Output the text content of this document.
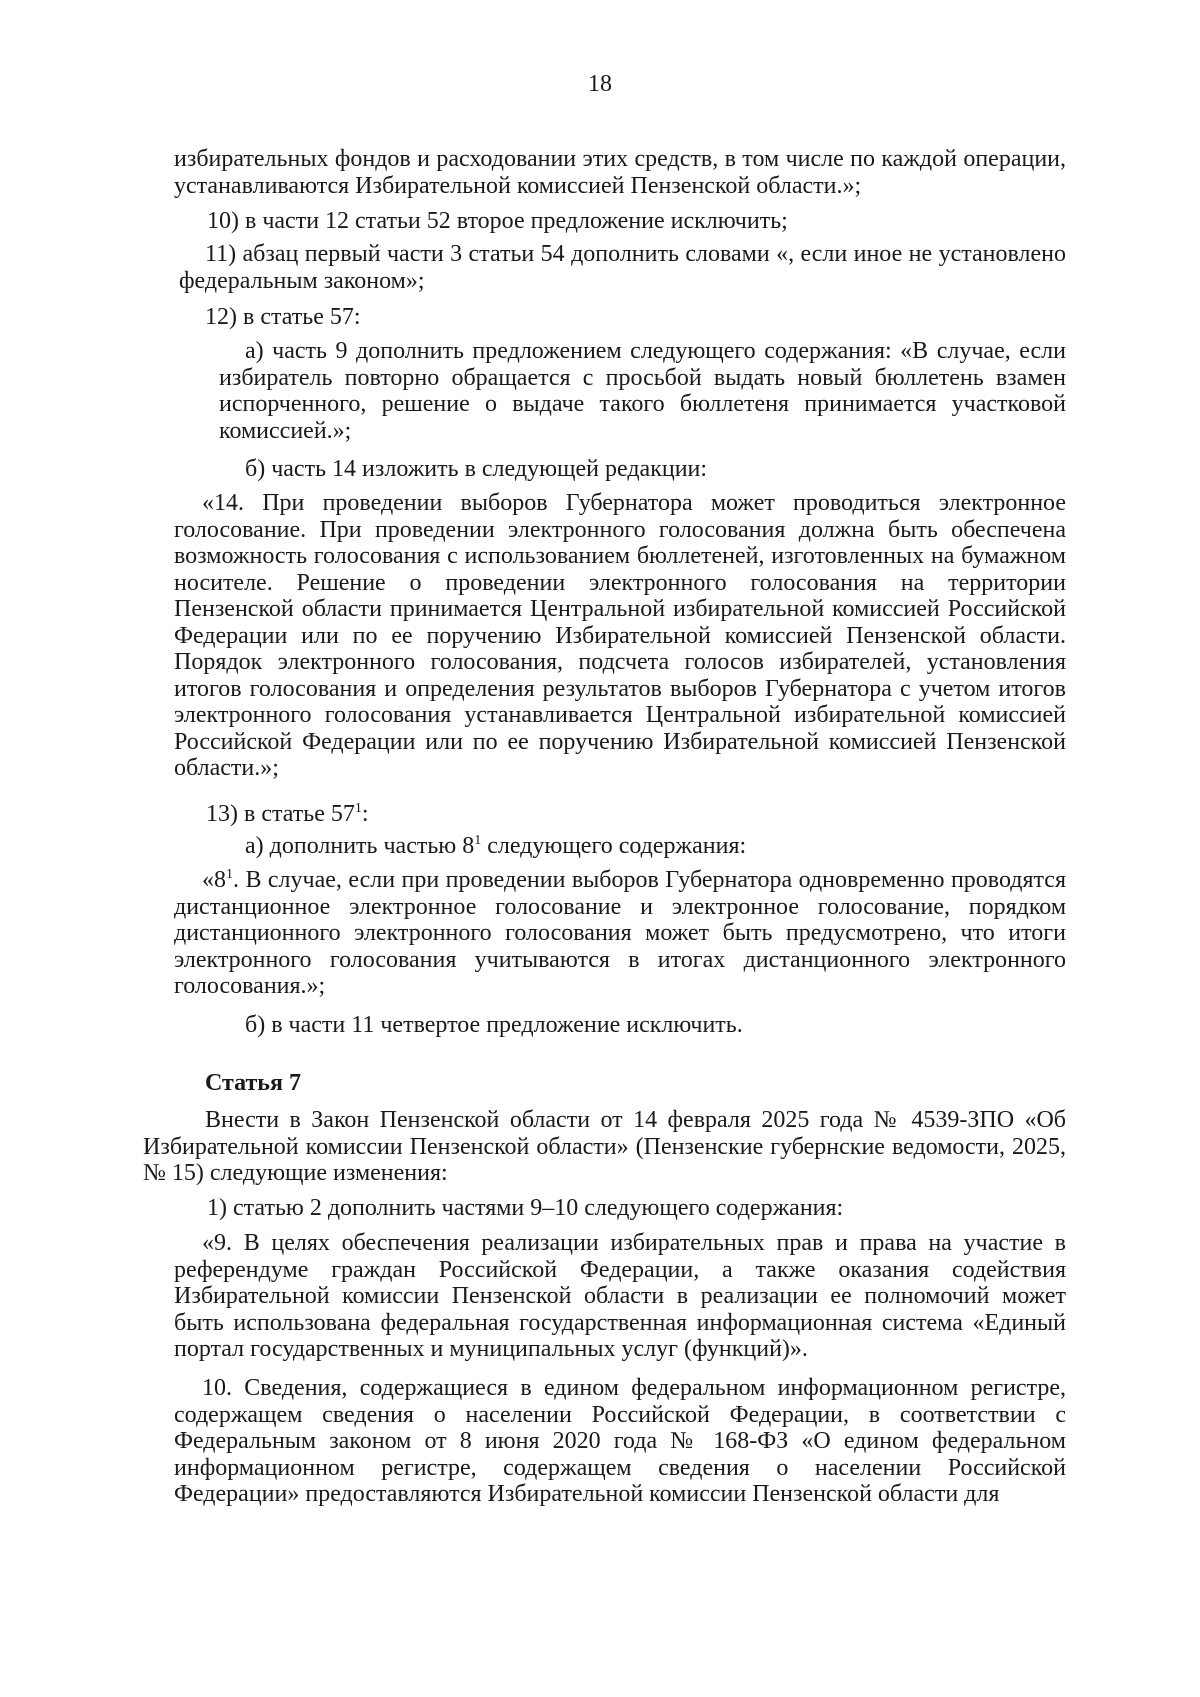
18
избирательных фондов и расходовании этих средств, в том числе по каждой операции, устанавливаются Избирательной комиссией Пензенской области.»;
10) в части 12 статьи 52 второе предложение исключить;
11) абзац первый части 3 статьи 54 дополнить словами «, если иное не установлено федеральным законом»;
12) в статье 57:
а) часть 9 дополнить предложением следующего содержания: «В случае, если избиратель повторно обращается с просьбой выдать новый бюллетень взамен испорченного, решение о выдаче такого бюллетеня принимается участковой комиссией.»;
б) часть 14 изложить в следующей редакции:
«14. При проведении выборов Губернатора может проводиться электронное голосование. При проведении электронного голосования должна быть обеспечена возможность голосования с использованием бюллетеней, изготовленных на бумажном носителе. Решение о проведении электронного голосования на территории Пензенской области принимается Центральной избирательной комиссией Российской Федерации или по ее поручению Избирательной комиссией Пензенской области. Порядок электронного голосования, подсчета голосов избирателей, установления итогов голосования и определения результатов выборов Губернатора с учетом итогов электронного голосования устанавливается Центральной избирательной комиссией Российской Федерации или по ее поручению Избирательной комиссией Пензенской области.»;
13) в статье $57^1$:
а) дополнить частью $8^1$ следующего содержания:
«$8^1$. В случае, если при проведении выборов Губернатора одновременно проводятся дистанционное электронное голосование и электронное голосование, порядком дистанционного электронного голосования может быть предусмотрено, что итоги электронного голосования учитываются в итогах дистанционного электронного голосования.»;
б) в части 11 четвертое предложение исключить.
Статья 7
Внести в Закон Пензенской области от 14 февраля 2025 года № 4539-ЗПО «Об Избирательной комиссии Пензенской области» (Пензенские губернские ведомости, 2025, № 15) следующие изменения:
1) статью 2 дополнить частями 9–10 следующего содержания:
«9. В целях обеспечения реализации избирательных прав и права на участие в референдуме граждан Российской Федерации, а также оказания содействия Избирательной комиссии Пензенской области в реализации ее полномочий может быть использована федеральная государственная информационная система «Единый портал государственных и муниципальных услуг (функций)».
10. Сведения, содержащиеся в едином федеральном информационном регистре, содержащем сведения о населении Российской Федерации, в соответствии с Федеральным законом от 8 июня 2020 года № 168-ФЗ «О едином федеральном информационном регистре, содержащем сведения о населении Российской Федерации» предоставляются Избирательной комиссии Пензенской области для
